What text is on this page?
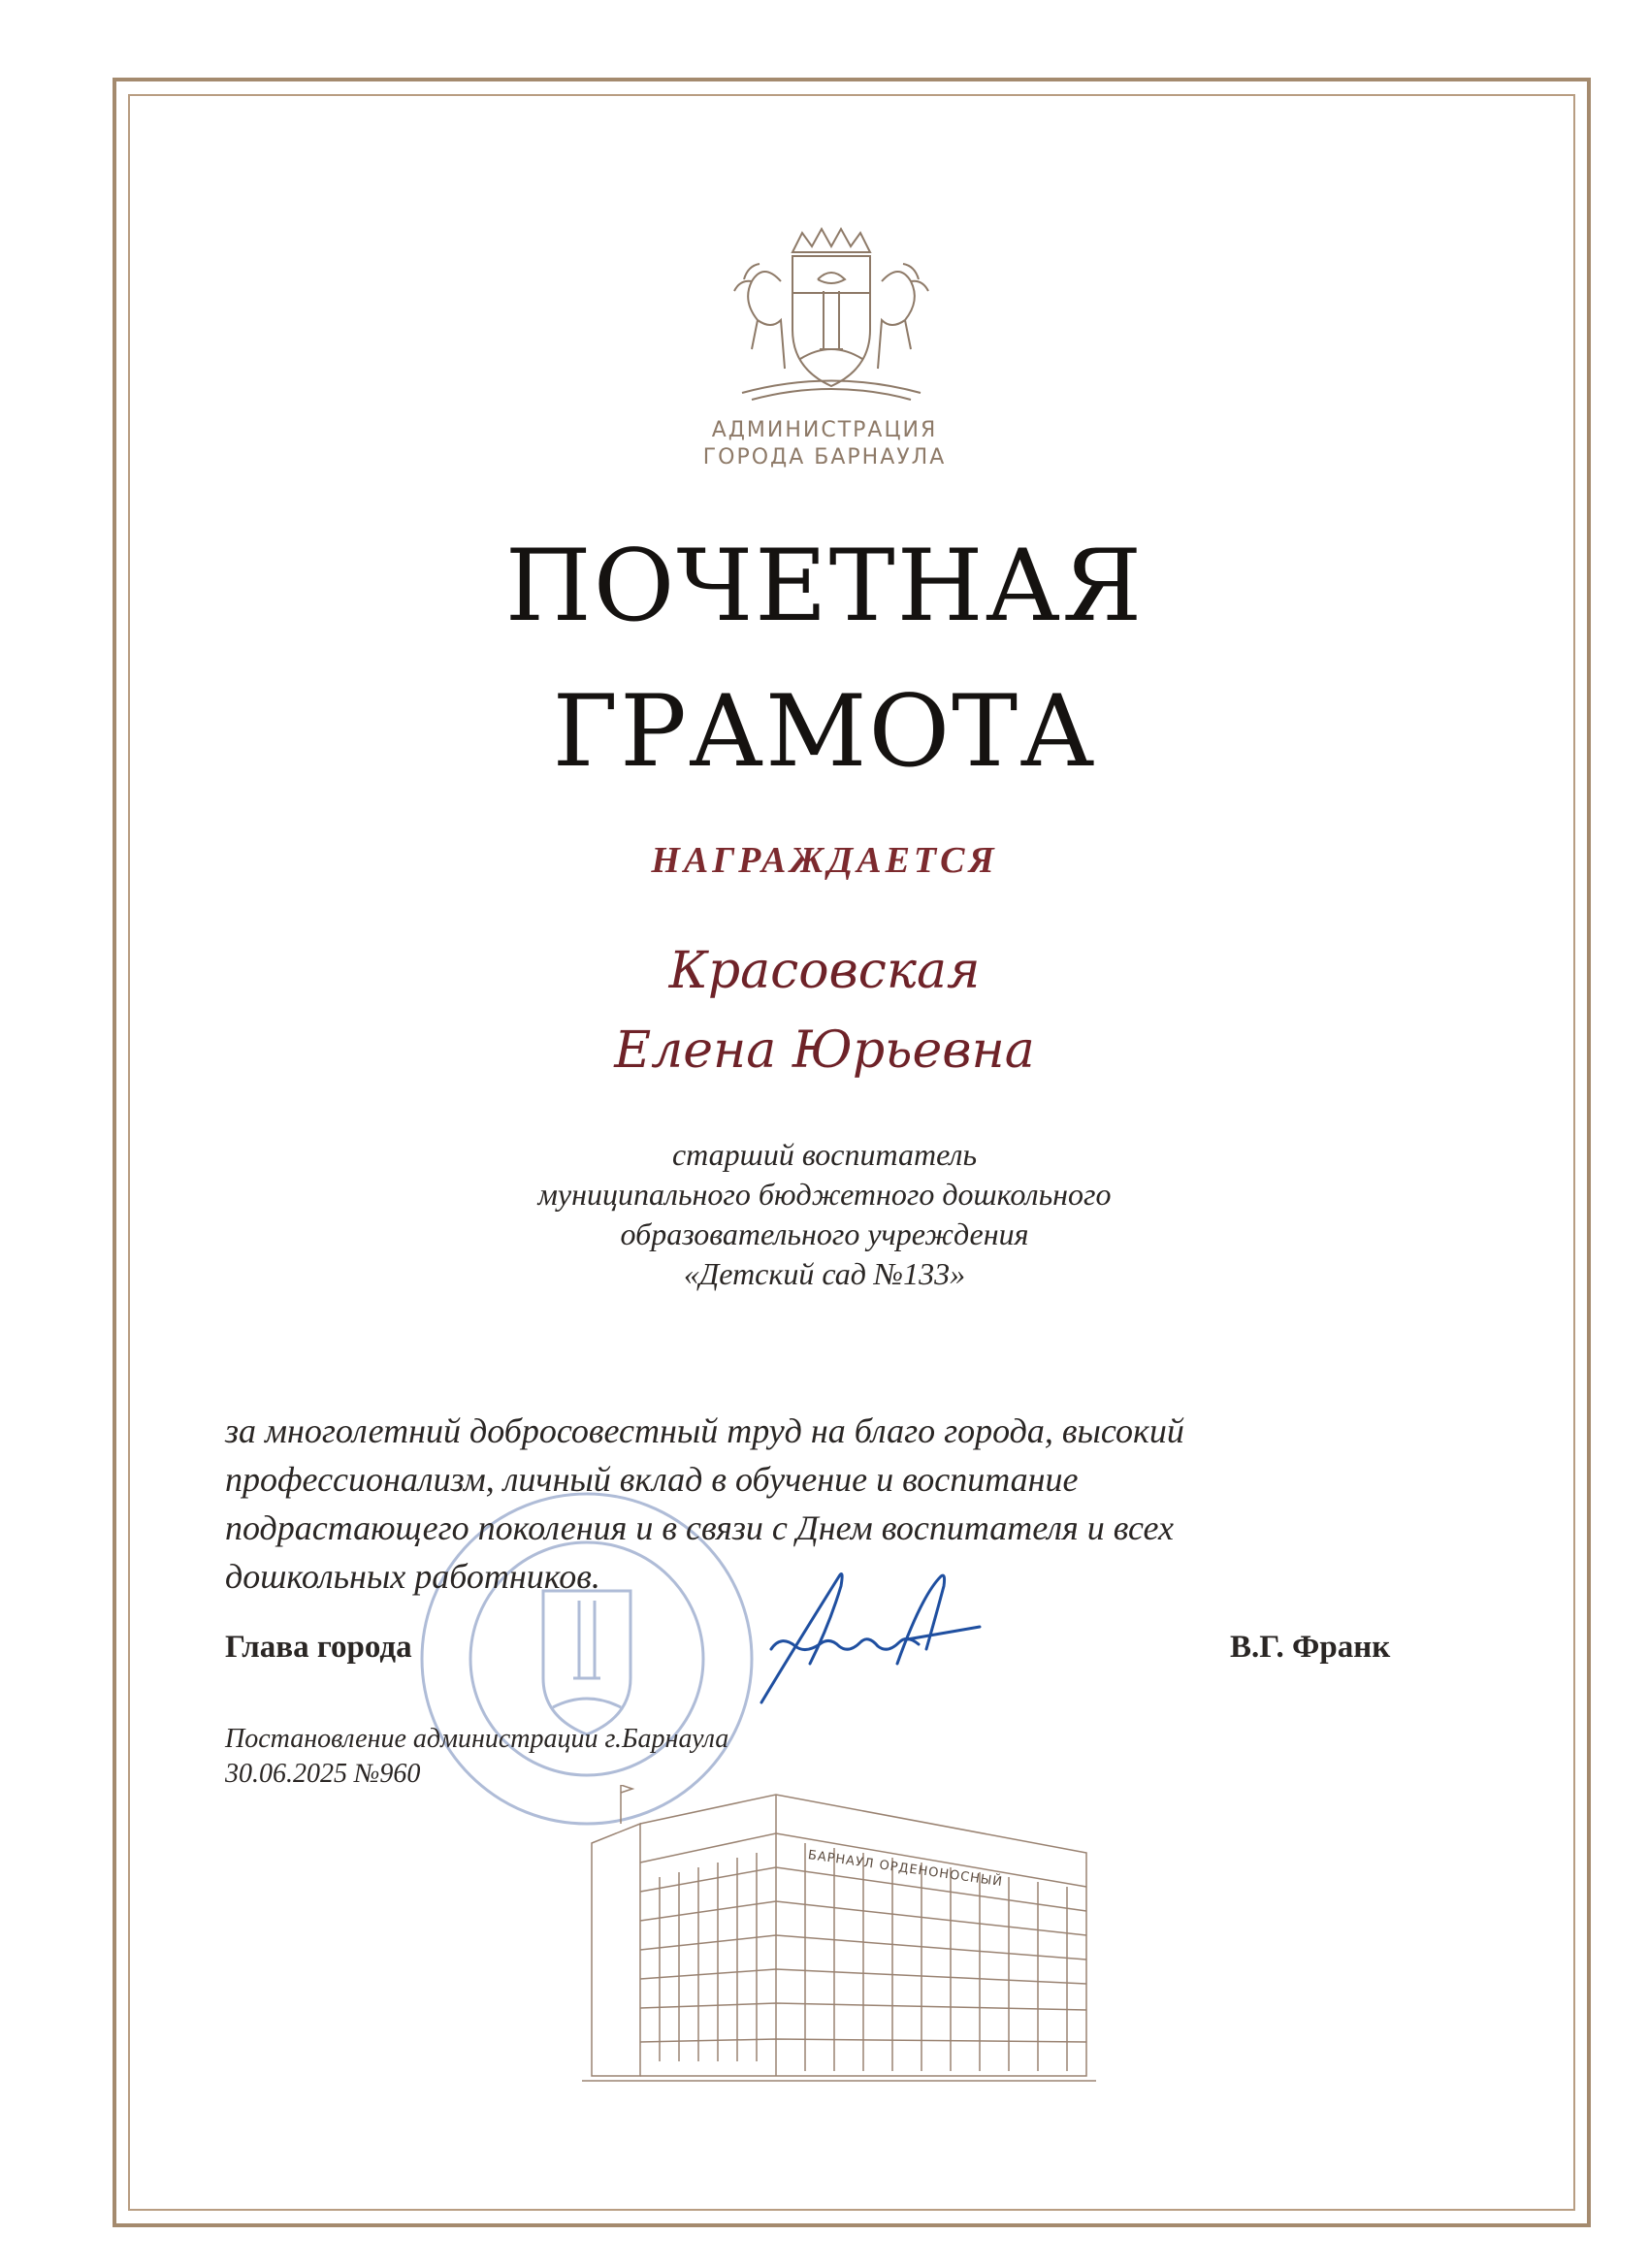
АДМИНИСТРАЦИЯ
ГОРОДА БАРНАУЛА
ПОЧЕТНАЯ
ГРАМОТА
НАГРАЖДАЕТСЯ
Красовская
Елена Юрьевна
старший воспитатель
муниципального бюджетного дошкольного
образовательного учреждения
«Детский сад №133»
за многолетний добросовестный труд на благо города, высокий
профессионализм, личный вклад в обучение и воспитание
подрастающего поколения и в связи с Днем воспитателя и всех
дошкольных работников.
Глава города	В.Г. Франк
Постановление администрации г.Барнаула
30.06.2025 №960
БАРНАУЛ ОРДЕНОНОСНЫЙ
